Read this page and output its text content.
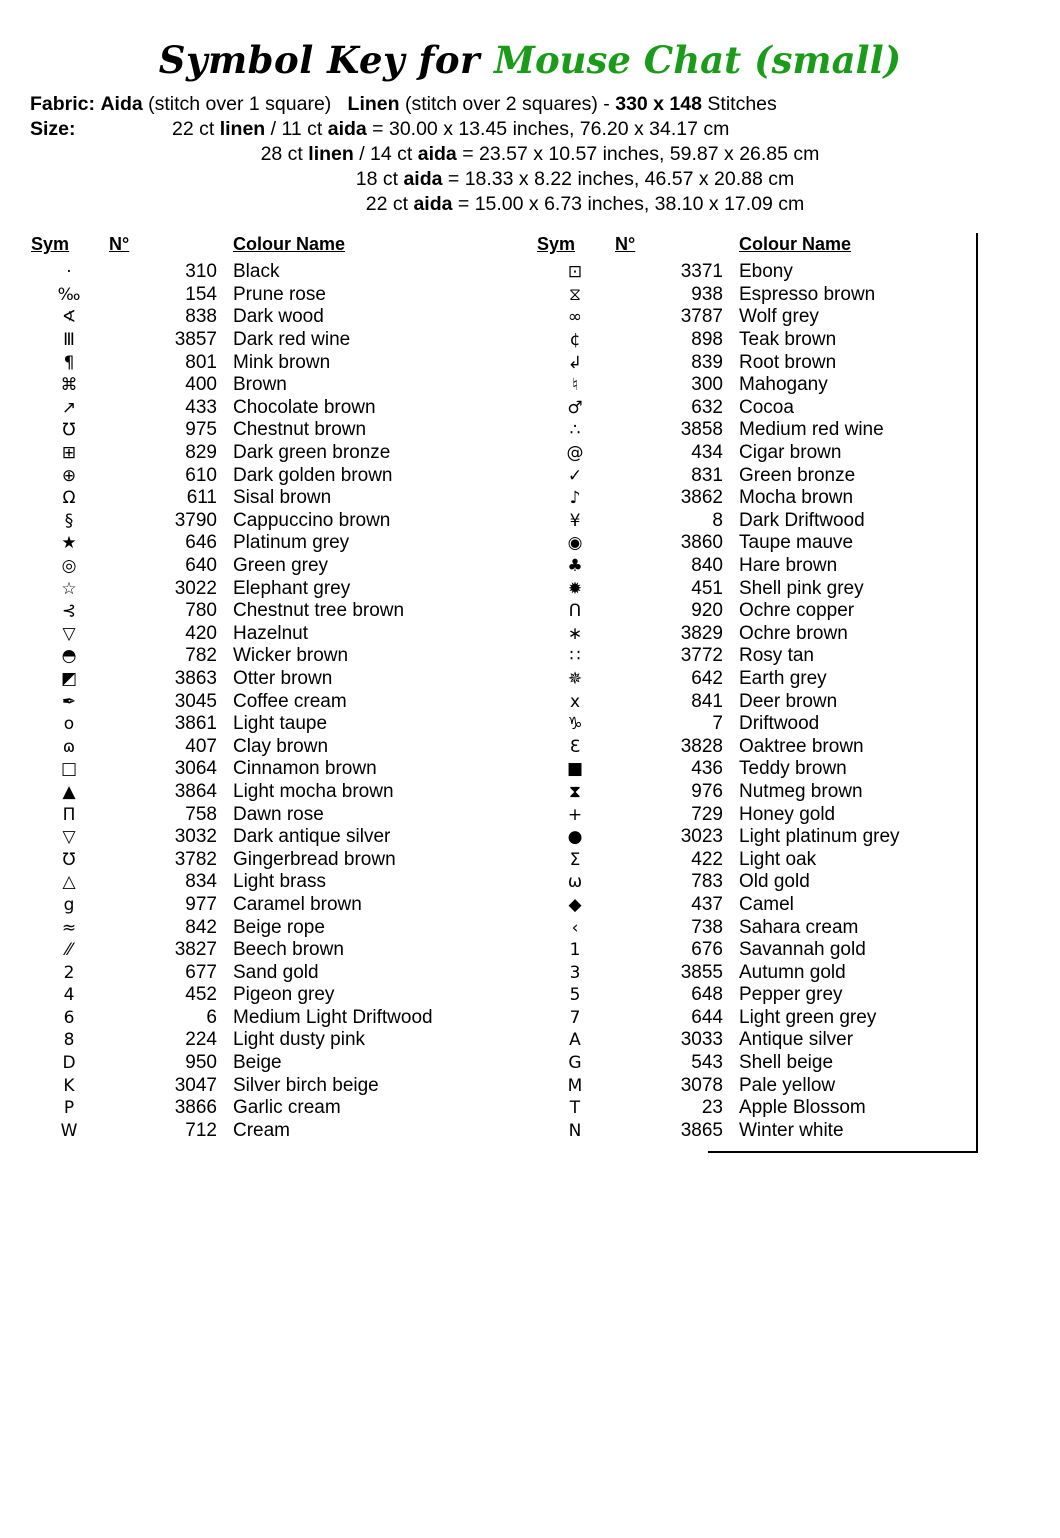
Symbol Key for Mouse Chat (small)
Fabric: Aida (stitch over 1 square) Linen (stitch over 2 squares) - 330 x 148 Stitches
Size:	22 ct linen / 11 ct aida = 30.00 x 13.45 inches, 76.20 x 34.17 cm
28 ct linen / 14 ct aida = 23.57 x 10.57 inches, 59.87 x 26.85 cm
18 ct aida = 18.33 x 8.22 inches, 46.57 x 20.88 cm
22 ct aida = 15.00 x 6.73 inches, 38.10 x 17.09 cm
Sym	N°	Colour Name		Sym	N°	Colour Name
·	310	Black		⊡	3371	Ebony
‰	154	Prune rose		⧖	938	Espresso brown
∢	838	Dark wood		∞	3787	Wolf grey
Ⅲ	3857	Dark red wine		¢	898	Teak brown
¶	801	Mink brown		↲	839	Root brown
⌘	400	Brown		♮	300	Mahogany
↗	433	Chocolate brown		♂	632	Cocoa
℧	975	Chestnut brown		∴	3858	Medium red wine
⊞	829	Dark green bronze		@	434	Cigar brown
⊕	610	Dark golden brown		✓	831	Green bronze
Ω	611	Sisal brown		♪	3862	Mocha brown
§	3790	Cappuccino brown		¥	8	Dark Driftwood
★	646	Platinum grey		◉	3860	Taupe mauve
◎	640	Green grey		♣	840	Hare brown
☆	3022	Elephant grey		✹	451	Shell pink grey
⊰	780	Chestnut tree brown		Ո	920	Ochre copper
▽	420	Hazelnut		∗	3829	Ochre brown
◓	782	Wicker brown		∷	3772	Rosy tan
◩	3863	Otter brown		✵	642	Earth grey
✒	3045	Coffee cream		x	841	Deer brown
o	3861	Light taupe		♑	7	Driftwood
ɷ	407	Clay brown		Ɛ	3828	Oaktree brown
□	3064	Cinnamon brown		■	436	Teddy brown
▲	3864	Light mocha brown		⧗	976	Nutmeg brown
Π	758	Dawn rose		+	729	Honey gold
▽	3032	Dark antique silver		●	3023	Light platinum grey
Ʊ	3782	Gingerbread brown		Σ	422	Light oak
△	834	Light brass		ω	783	Old gold
g	977	Caramel brown		◆	437	Camel
≈	842	Beige rope		‹	738	Sahara cream
⁄⁄	3827	Beech brown		1	676	Savannah gold
2	677	Sand gold		3	3855	Autumn gold
4	452	Pigeon grey		5	648	Pepper grey
6	6	Medium Light Driftwood		7	644	Light green grey
8	224	Light dusty pink		A	3033	Antique silver
D	950	Beige		G	543	Shell beige
K	3047	Silver birch beige		M	3078	Pale yellow
P	3866	Garlic cream		T	23	Apple Blossom
W	712	Cream		N	3865	Winter white
